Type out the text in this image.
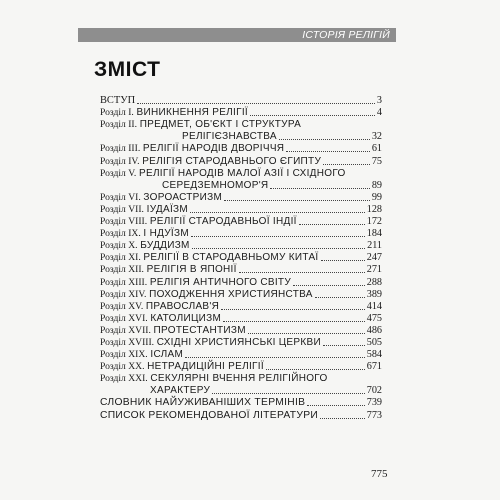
ІСТОРІЯ РЕЛІГІЙ
ЗМІСТ
ВСТУП	3
Розділ I. ВИНИКНЕННЯ РЕЛІГІЇ	4
Розділ II. ПРЕДМЕТ, ОБ'ЄКТ І СТРУКТУРА
РЕЛІГІЄЗНАВСТВА	32
Розділ III. РЕЛІГІЇ НАРОДІВ ДВОРІЧЧЯ	61
Розділ IV. РЕЛІГІЯ СТАРОДАВНЬОГО ЄГИПТУ	75
Розділ V. РЕЛІГІЇ НАРОДІВ МАЛОЇ АЗІЇ І СХІДНОГО
СЕРЕДЗЕМНОМОР'Я	89
Розділ VI. ЗОРОАСТРИЗМ	99
Розділ VII. ІУДАЇЗМ	128
Розділ VIII. РЕЛІГІЇ СТАРОДАВНЬОЇ ІНДІЇ	172
Розділ IX. І НДУЇЗМ	184
Розділ X. БУДДИЗМ	211
Розділ XI. РЕЛІГІЇ В СТАРОДАВНЬОМУ КИТАЇ	247
Розділ XII. РЕЛІГІЯ В ЯПОНІЇ	271
Розділ XIII. РЕЛІГІЯ АНТИЧНОГО СВІТУ	288
Розділ XIV. ПОХОДЖЕННЯ ХРИСТИЯНСТВА	389
Розділ XV. ПРАВОСЛАВ'Я	414
Розділ XVI. КАТОЛИЦИЗМ	475
Розділ XVII. ПРОТЕСТАНТИЗМ	486
Розділ XVIII. СХІДНІ ХРИСТИЯНСЬКІ ЦЕРКВИ	505
Розділ XIX. ІСЛАМ	584
Розділ XX. НЕТРАДИЦІЙНІ РЕЛІГІЇ	671
Розділ XXI. СЕКУЛЯРНІ ВЧЕННЯ РЕЛІГІЙНОГО
ХАРАКТЕРУ	702
СЛОВНИК НАЙУЖИВАНІШИХ ТЕРМІНІВ	739
СПИСОК РЕКОМЕНДОВАНОЇ ЛІТЕРАТУРИ	773
775
